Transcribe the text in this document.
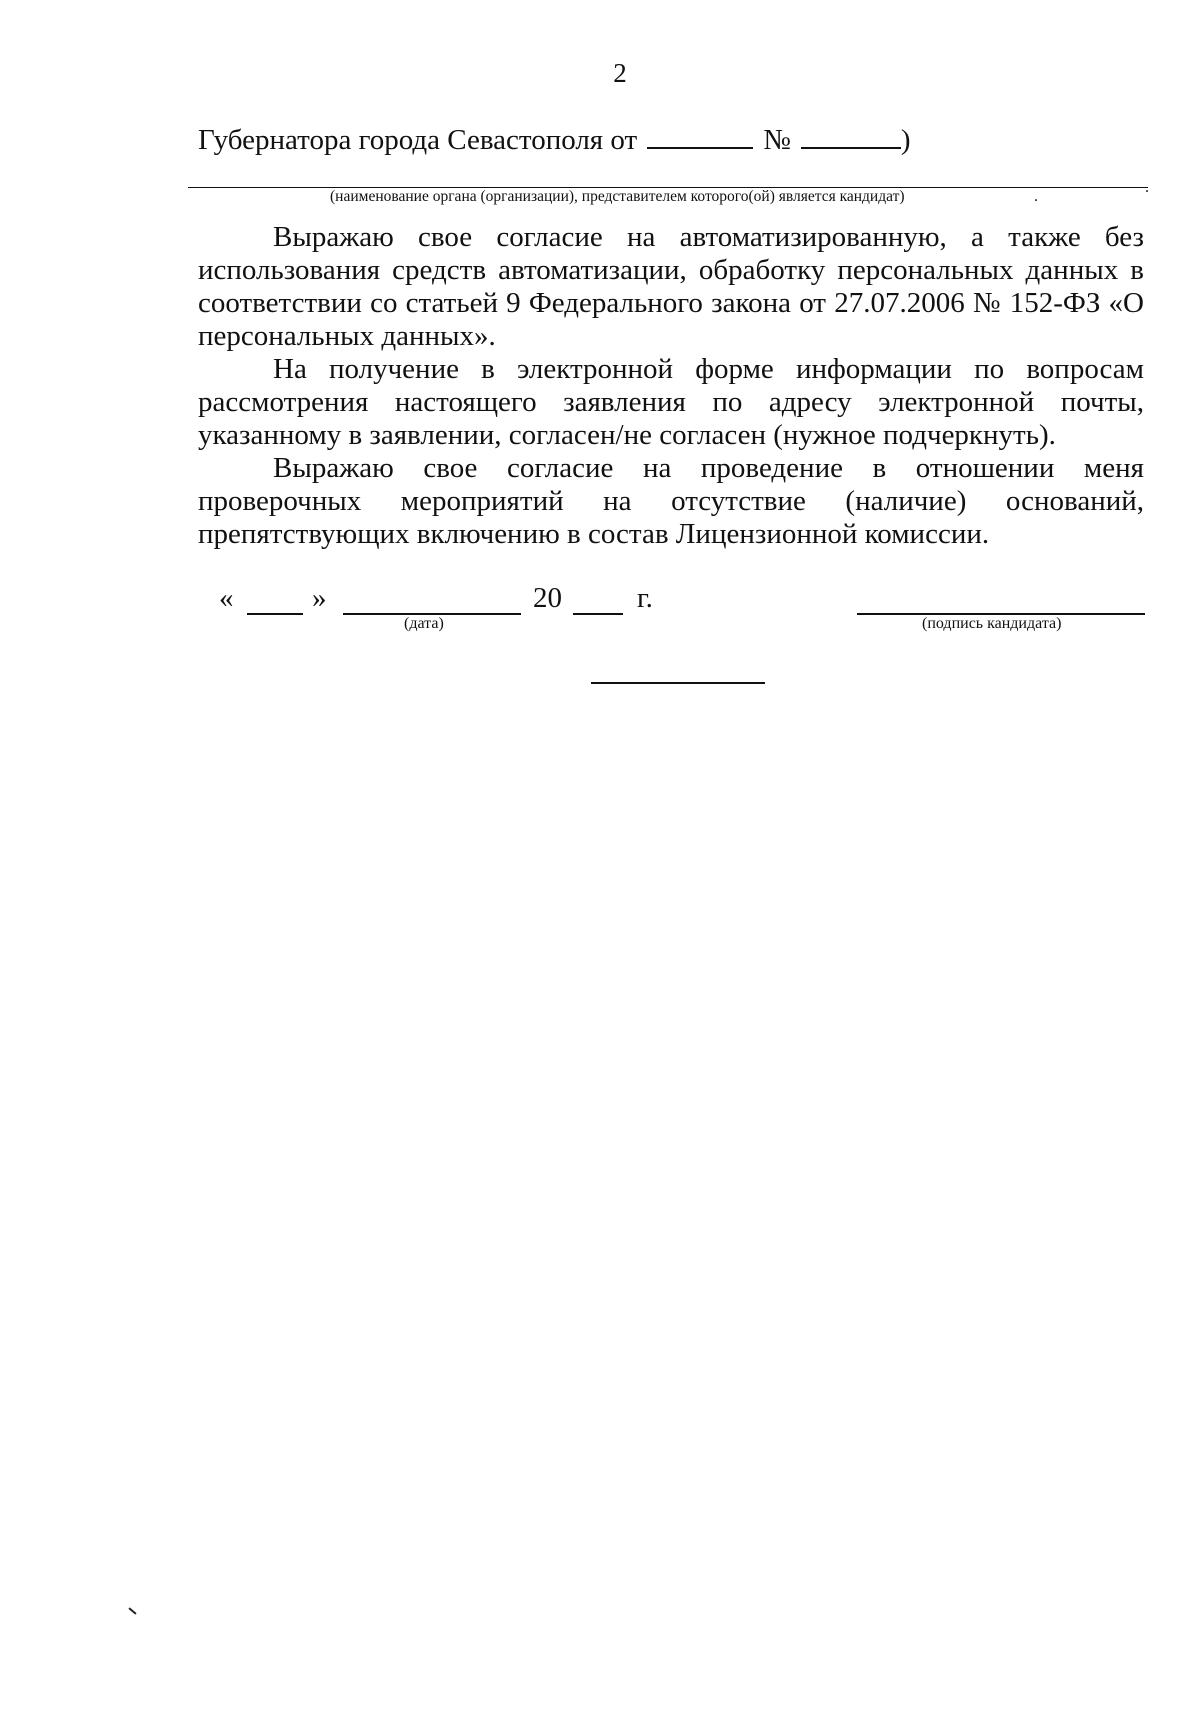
2
Губернатора города Севастополя от	№	)
.
(наименование органа (организации), представителем которого(ой) является кандидат)	.

Выражаю свое согласие на автоматизированную, а также без использования средств автоматизации, обработку персональных данных в соответствии со статьей 9 Федерального закона от 27.07.2006 № 152-ФЗ «О персональных данных».

На получение в электронной форме информации по вопросам рассмотрения настоящего заявления по адресу электронной почты, указанному в заявлении, согласен/не согласен (нужное подчеркнуть).

Выражаю свое согласие на проведение в отношении меня проверочных мероприятий на отсутствие (наличие) оснований, препятствующих включению в состав Лицензионной комиссии.

«	»
(дата)
20	г.
(подпись кандидата)
